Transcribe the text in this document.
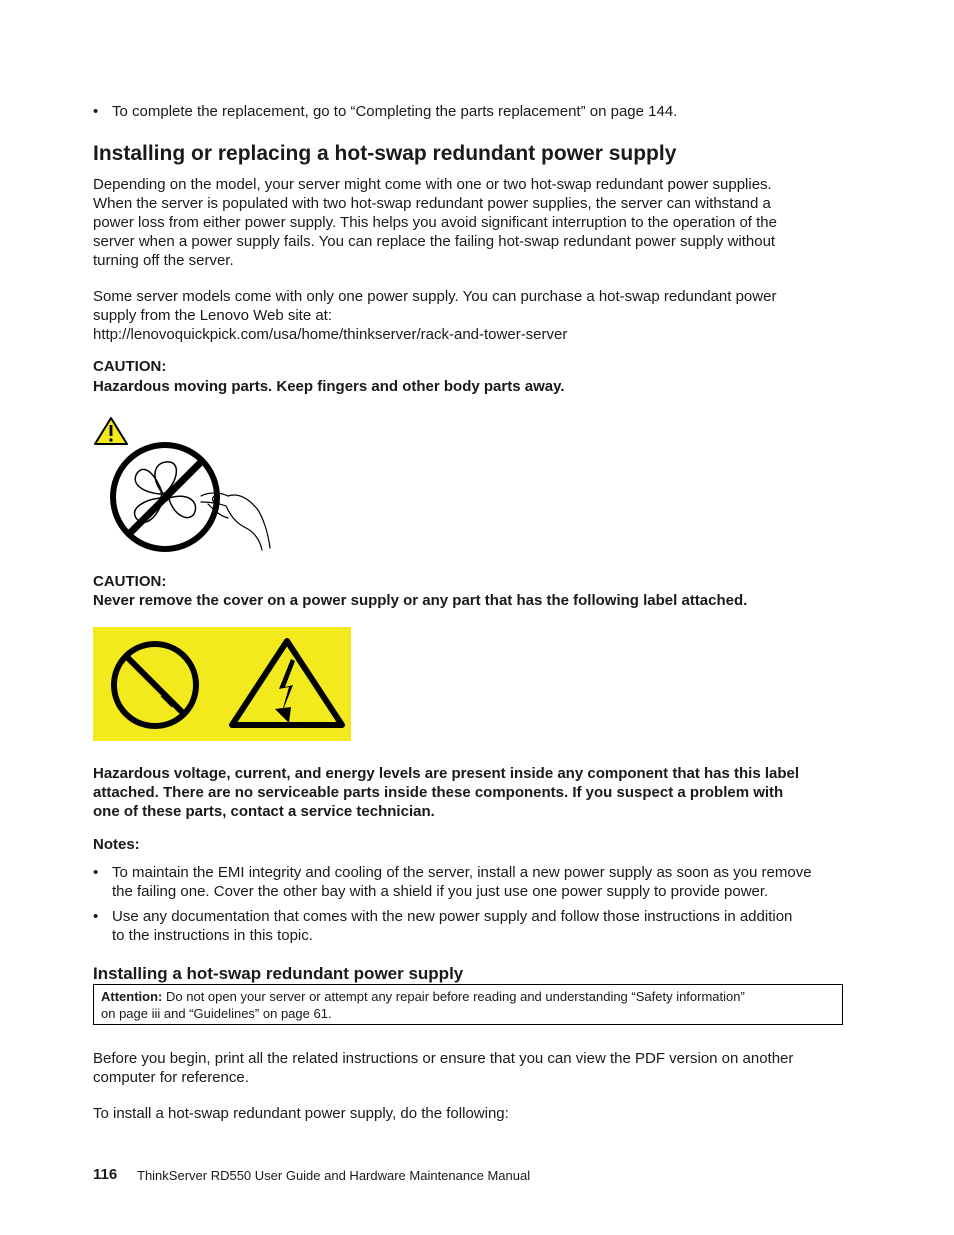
• To complete the replacement, go to “Completing the parts replacement” on page 144.
Installing or replacing a hot-swap redundant power supply
Depending on the model, your server might come with one or two hot-swap redundant power supplies.
When the server is populated with two hot-swap redundant power supplies, the server can withstand a
power loss from either power supply. This helps you avoid significant interruption to the operation of the
server when a power supply fails. You can replace the failing hot-swap redundant power supply without
turning off the server.
Some server models come with only one power supply. You can purchase a hot-swap redundant power
supply from the Lenovo Web site at:
http://lenovoquickpick.com/usa/home/thinkserver/rack-and-tower-server
CAUTION:
Hazardous moving parts. Keep fingers and other body parts away.
CAUTION:
Never remove the cover on a power supply or any part that has the following label attached.
Hazardous voltage, current, and energy levels are present inside any component that has this label
attached. There are no serviceable parts inside these components. If you suspect a problem with
one of these parts, contact a service technician.
Notes:
• To maintain the EMI integrity and cooling of the server, install a new power supply as soon as you remove
the failing one. Cover the other bay with a shield if you just use one power supply to provide power.
• Use any documentation that comes with the new power supply and follow those instructions in addition
to the instructions in this topic.
Installing a hot-swap redundant power supply
Attention: Do not open your server or attempt any repair before reading and understanding “Safety information”
on page iii and “Guidelines” on page 61.
Before you begin, print all the related instructions or ensure that you can view the PDF version on another
computer for reference.
To install a hot-swap redundant power supply, do the following:
116 ThinkServer RD550 User Guide and Hardware Maintenance Manual
